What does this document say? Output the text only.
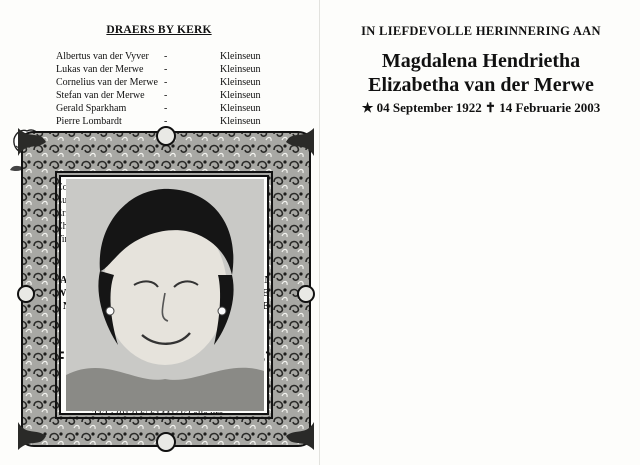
DRAERS BY KERK
Albertus van der Vyver -	Kleinseun
Lukas van der Merwe -	Kleinseun
Cornelius van der Merwe -	Kleinseun
Stefan van der Merwe -	Kleinseun
Gerald Sparkham	-	Kleinseun
Pierre Lombardt	-	Kleinseun
Erik
SAFFAS
IN LIEFDEVOLLE HERINNERING AAN
Magdalena Hendrietha
Elizabetha van der Merwe
★ 04 September 1922 ✝ 14 Februarie 2003
